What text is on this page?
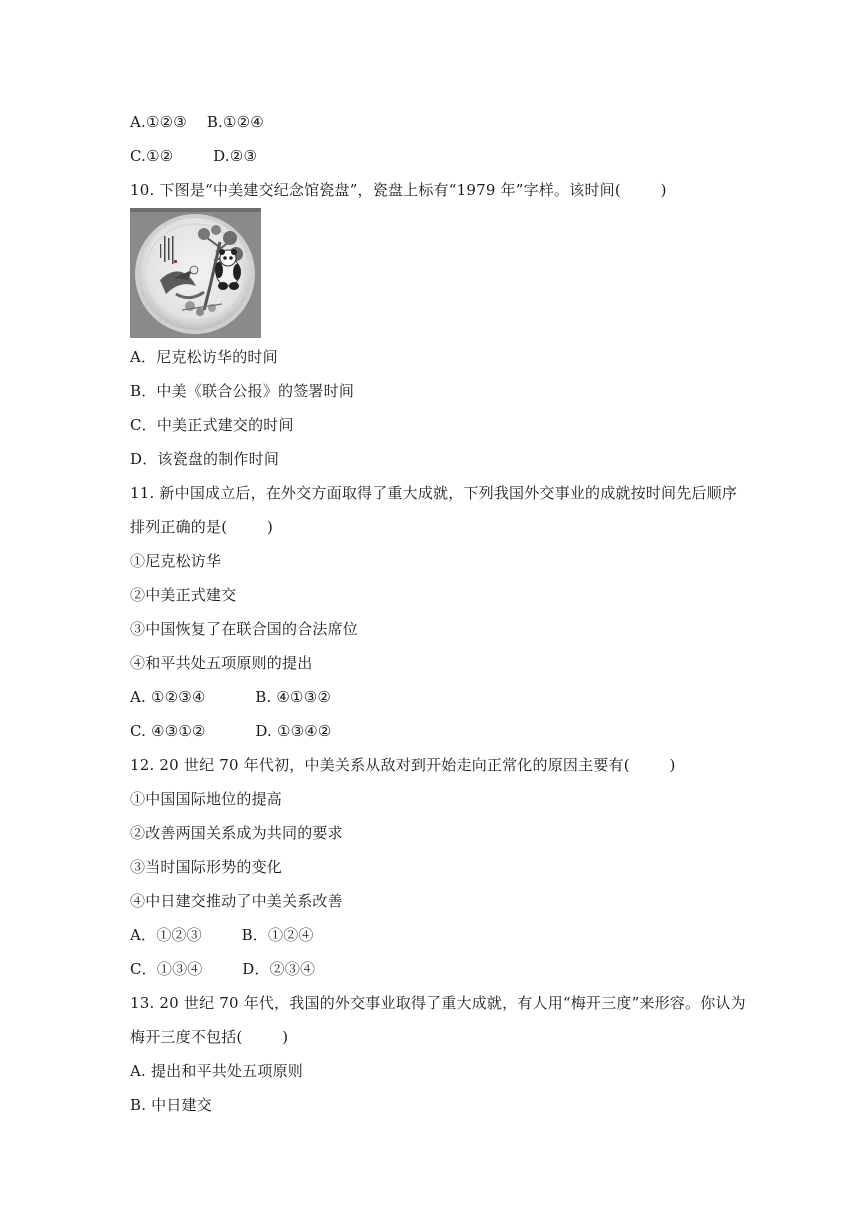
A.①②③    B.①②④
C.①②        D.②③
10. 下图是“中美建交纪念馆瓷盘”，瓷盘上标有“1979 年”字样。该时间(        )
A．尼克松访华的时间
B．中美《联合公报》的签署时间
C．中美正式建交的时间
D．该瓷盘的制作时间
11. 新中国成立后，在外交方面取得了重大成就，下列我国外交事业的成就按时间先后顺序
排列正确的是(        )
①尼克松访华
②中美正式建交
③中国恢复了在联合国的合法席位
④和平共处五项原则的提出
A. ①②③④          B. ④①③②
C. ④③①②          D. ①③④②
12. 20 世纪 70 年代初，中美关系从敌对到开始走向正常化的原因主要有(        )
①中国国际地位的提高
②改善两国关系成为共同的要求
③当时国际形势的变化
④中日建交推动了中美关系改善
A．①②③        B．①②④
C．①③④        D．②③④
13. 20 世纪 70 年代，我国的外交事业取得了重大成就，有人用“梅开三度”来形容。你认为
梅开三度不包括(        )
A. 提出和平共处五项原则
B. 中日建交
